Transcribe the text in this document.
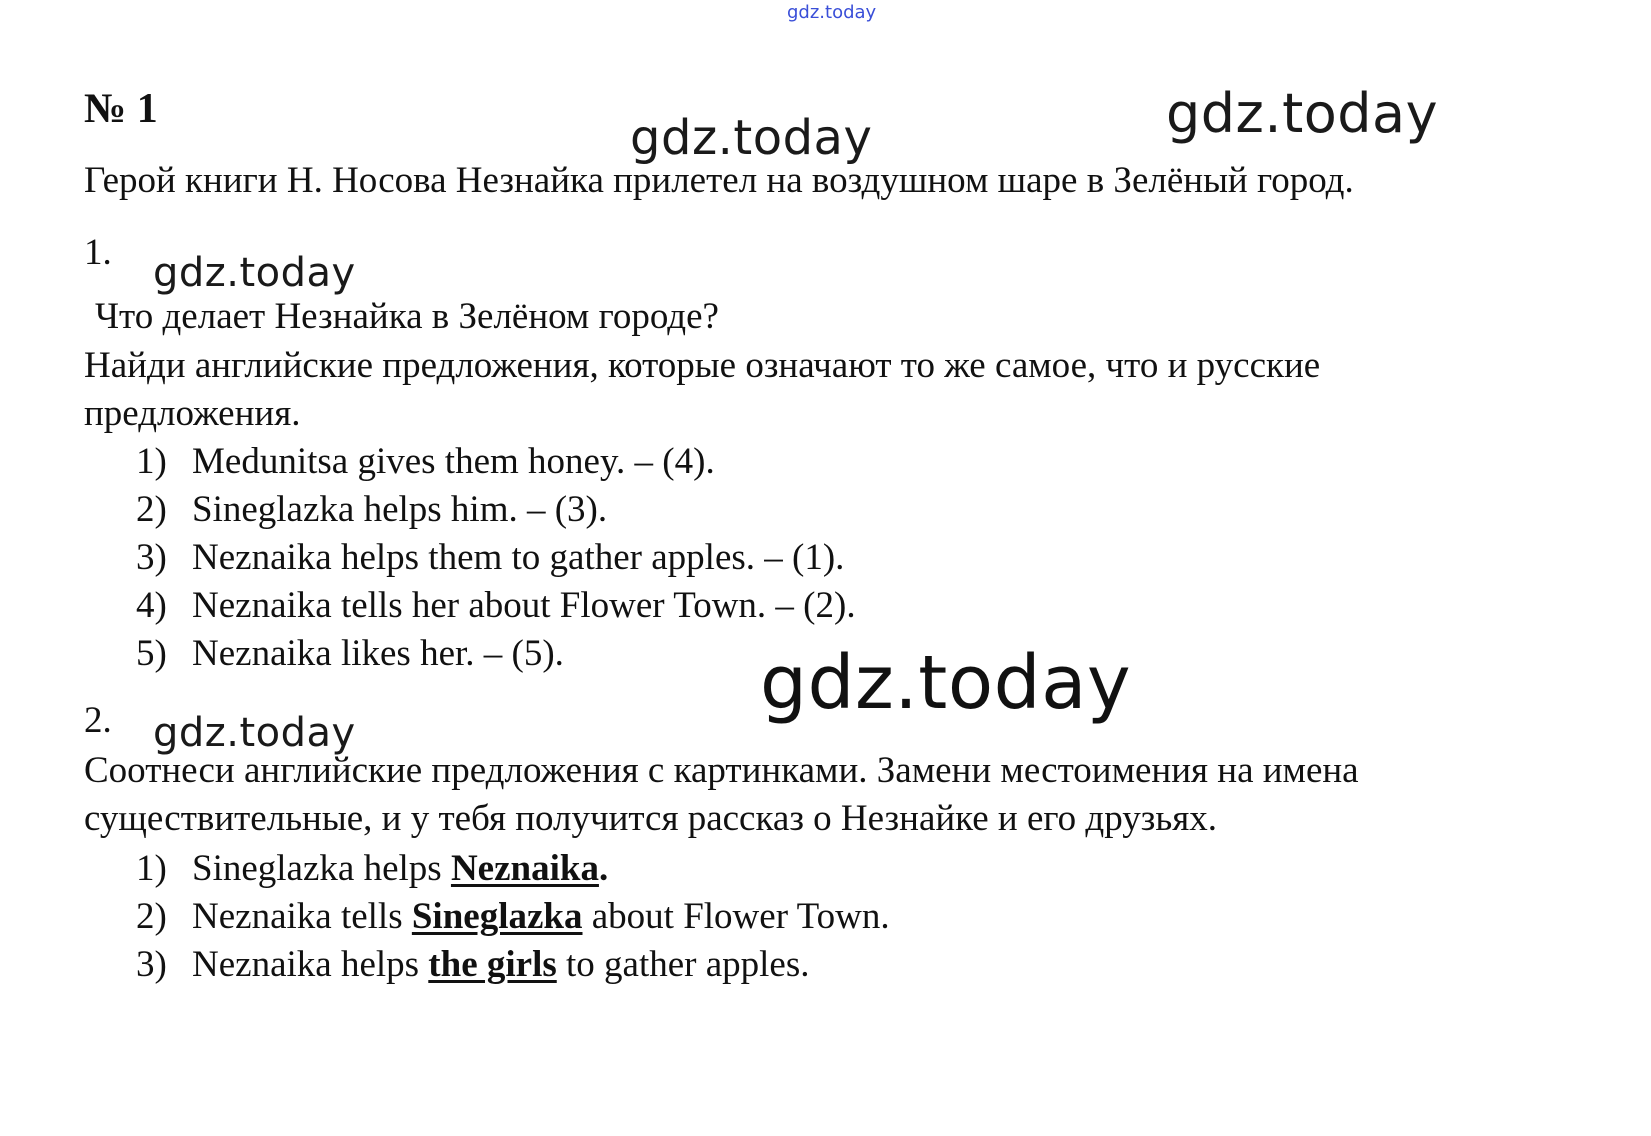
gdz.today
gdz.today	gdz.today
gdz.today
gdz.today
gdz.today
№ 1
Герой книги Н. Носова Незнайка прилетел на воздушном шаре в Зелёный город.
1.
Что делает Незнайка в Зелёном городе?
Найди английские предложения, которые означают то же самое, что и русские
предложения.
1) Medunitsa gives them honey. – (4).
2) Sineglazka helps him. – (3).
3) Neznaika helps them to gather apples. – (1).
4) Neznaika tells her about Flower Town. – (2).
5) Neznaika likes her. – (5).
2.
Соотнеси английские предложения с картинками. Замени местоимения на имена
существительные, и у тебя получится рассказ о Незнайке и его друзьях.
1) Sineglazka helps Neznaika.
2) Neznaika tells Sineglazka about Flower Town.
3) Neznaika helps the girls to gather apples.
